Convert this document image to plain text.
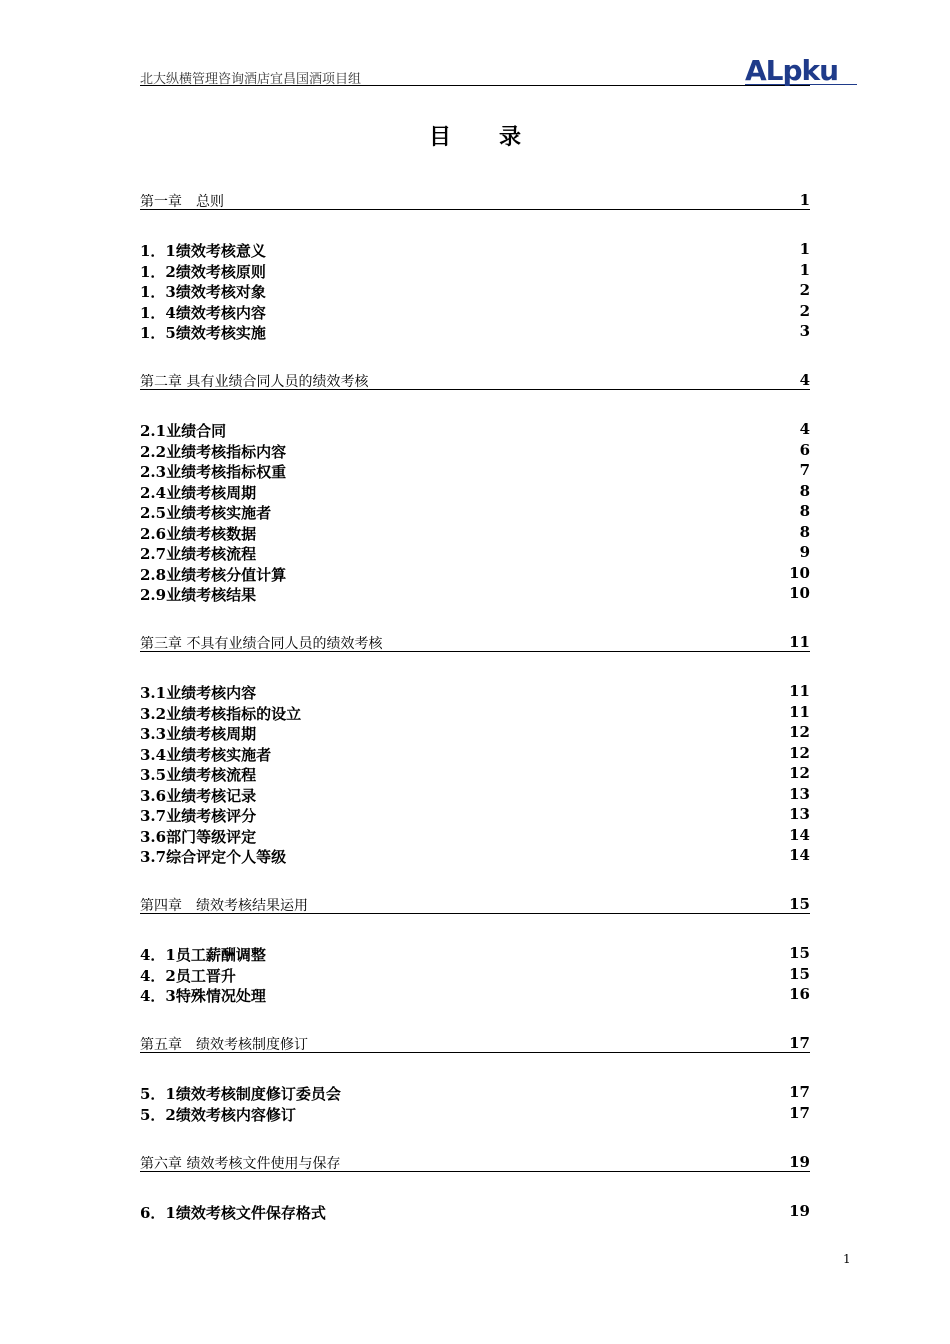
北大纵横管理咨询酒店宜昌国酒项目组	ALpku
目录
第一章　总则	1
1．1绩效考核意义	1
1．2绩效考核原则	1
1．3绩效考核对象	2
1．4绩效考核内容	2
1．5绩效考核实施	3
第二章 具有业绩合同人员的绩效考核	4
2.1业绩合同	4
2.2业绩考核指标内容	6
2.3业绩考核指标权重	7
2.4业绩考核周期	8
2.5业绩考核实施者	8
2.6业绩考核数据	8
2.7业绩考核流程	9
2.8业绩考核分值计算	10
2.9业绩考核结果	10
第三章 不具有业绩合同人员的绩效考核	11
3.1业绩考核内容	11
3.2业绩考核指标的设立	11
3.3业绩考核周期	12
3.4业绩考核实施者	12
3.5业绩考核流程	12
3.6业绩考核记录	13
3.7业绩考核评分	13
3.6部门等级评定	14
3.7综合评定个人等级	14
第四章　绩效考核结果运用	15
4．1员工薪酬调整	15
4．2员工晋升	15
4．3特殊情况处理	16
第五章　绩效考核制度修订	17
5．1绩效考核制度修订委员会	17
5．2绩效考核内容修订	17
第六章 绩效考核文件使用与保存	19
6．1绩效考核文件保存格式	19
1
